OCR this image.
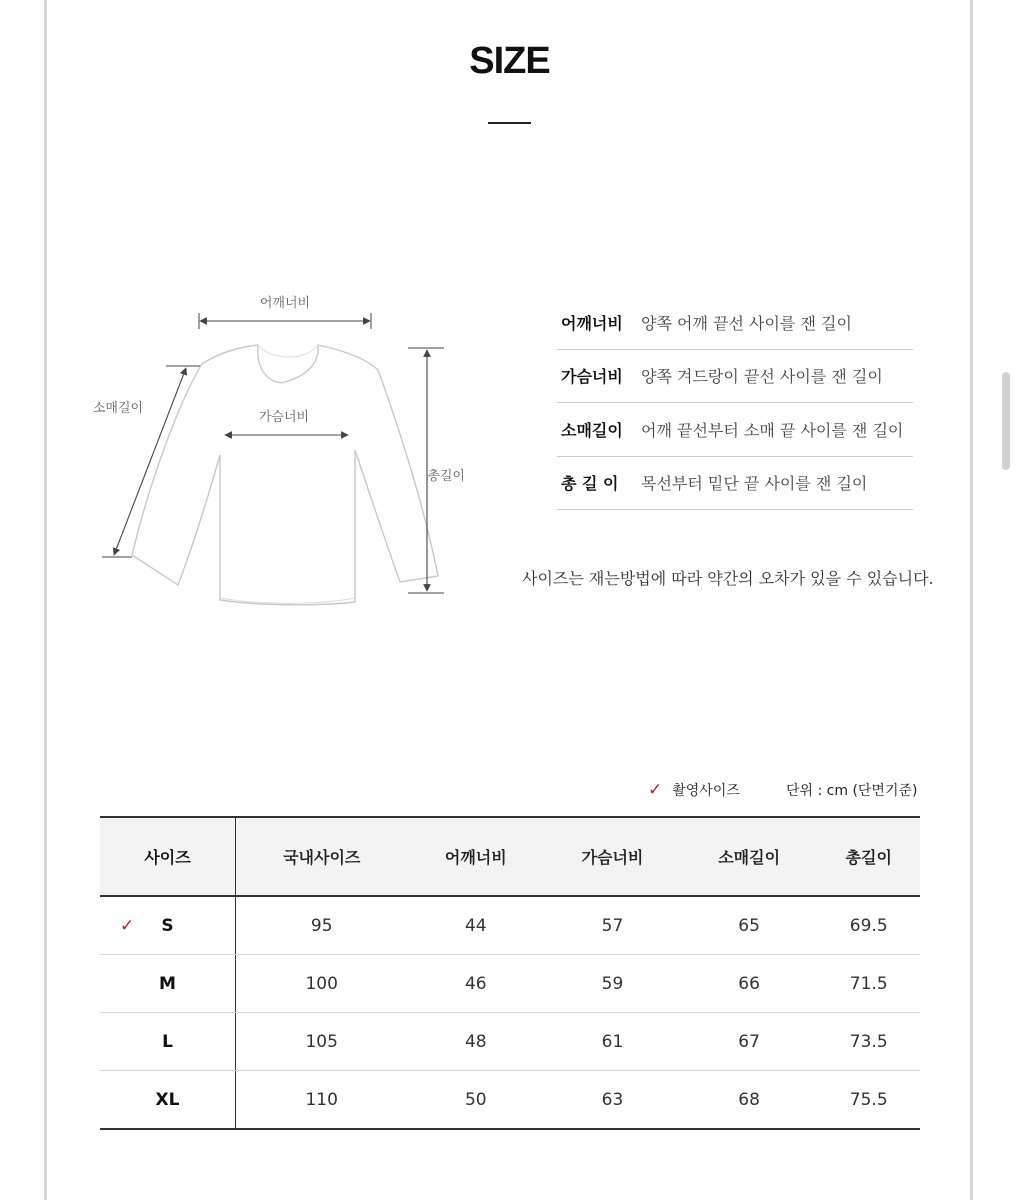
SIZE
어깨너비
가슴너비
소매길이
총길이
어깨너비	양쪽 어깨 끝선 사이를 잰 길이
가슴너비	양쪽 겨드랑이 끝선 사이를 잰 길이
소매길이	어깨 끝선부터 소매 끝 사이를 잰 길이
총 길 이	목선부터 밑단 끝 사이를 잰 길이
사이즈는 재는방법에 따라 약간의 오차가 있을 수 있습니다.
✓ 촬영사이즈	단위 : cm (단면기준)
사이즈	국내사이즈	어깨너비	가슴너비	소매길이	총길이

✓ S	95	44	57	65	69.5
M	100	46	59	66	71.5
L	105	48	61	67	73.5
XL	110	50	63	68	75.5
